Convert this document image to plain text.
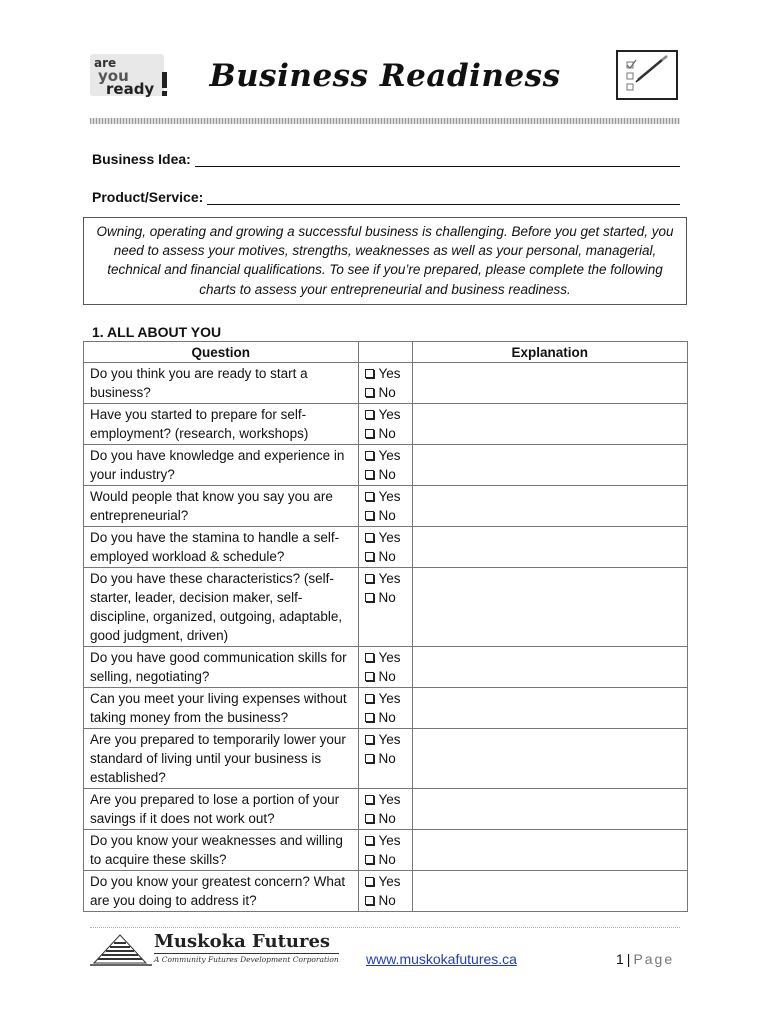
are
you
ready	Business Readiness
Business Idea:
Product/Service:
Owning, operating and growing a successful business is challenging. Before you get started, you need to assess your motives, strengths, weaknesses as well as your personal, managerial, technical and financial qualifications. To see if you’re prepared, please complete the following charts to assess your entrepreneurial and business readiness.
1. ALL ABOUT YOU
Question		Explanation
Do you think you are ready to start a business?	Yes
No	

Have you started to prepare for self-employment? (research, workshops)	Yes
No	

Do you have knowledge and experience in your industry?	Yes
No	

Would people that know you say you are entrepreneurial?	Yes
No	

Do you have the stamina to handle a self-employed workload & schedule?	Yes
No	

Do you have these characteristics? (self-starter, leader, decision maker, self-discipline, organized, outgoing, adaptable, good judgment, driven)	Yes
No	

Do you have good communication skills for selling, negotiating?	Yes
No	

Can you meet your living expenses without taking money from the business?	Yes
No	

Are you prepared to temporarily lower your standard of living until your business is established?	Yes
No	

Are you prepared to lose a portion of your savings if it does not work out?	Yes
No	

Do you know your weaknesses and willing to acquire these skills?	Yes
No	

Do you know your greatest concern? What are you doing to address it?	Yes
No	

Muskoka Futures
A Community Futures Development Corporation www.muskokafutures.ca	1 | Page
